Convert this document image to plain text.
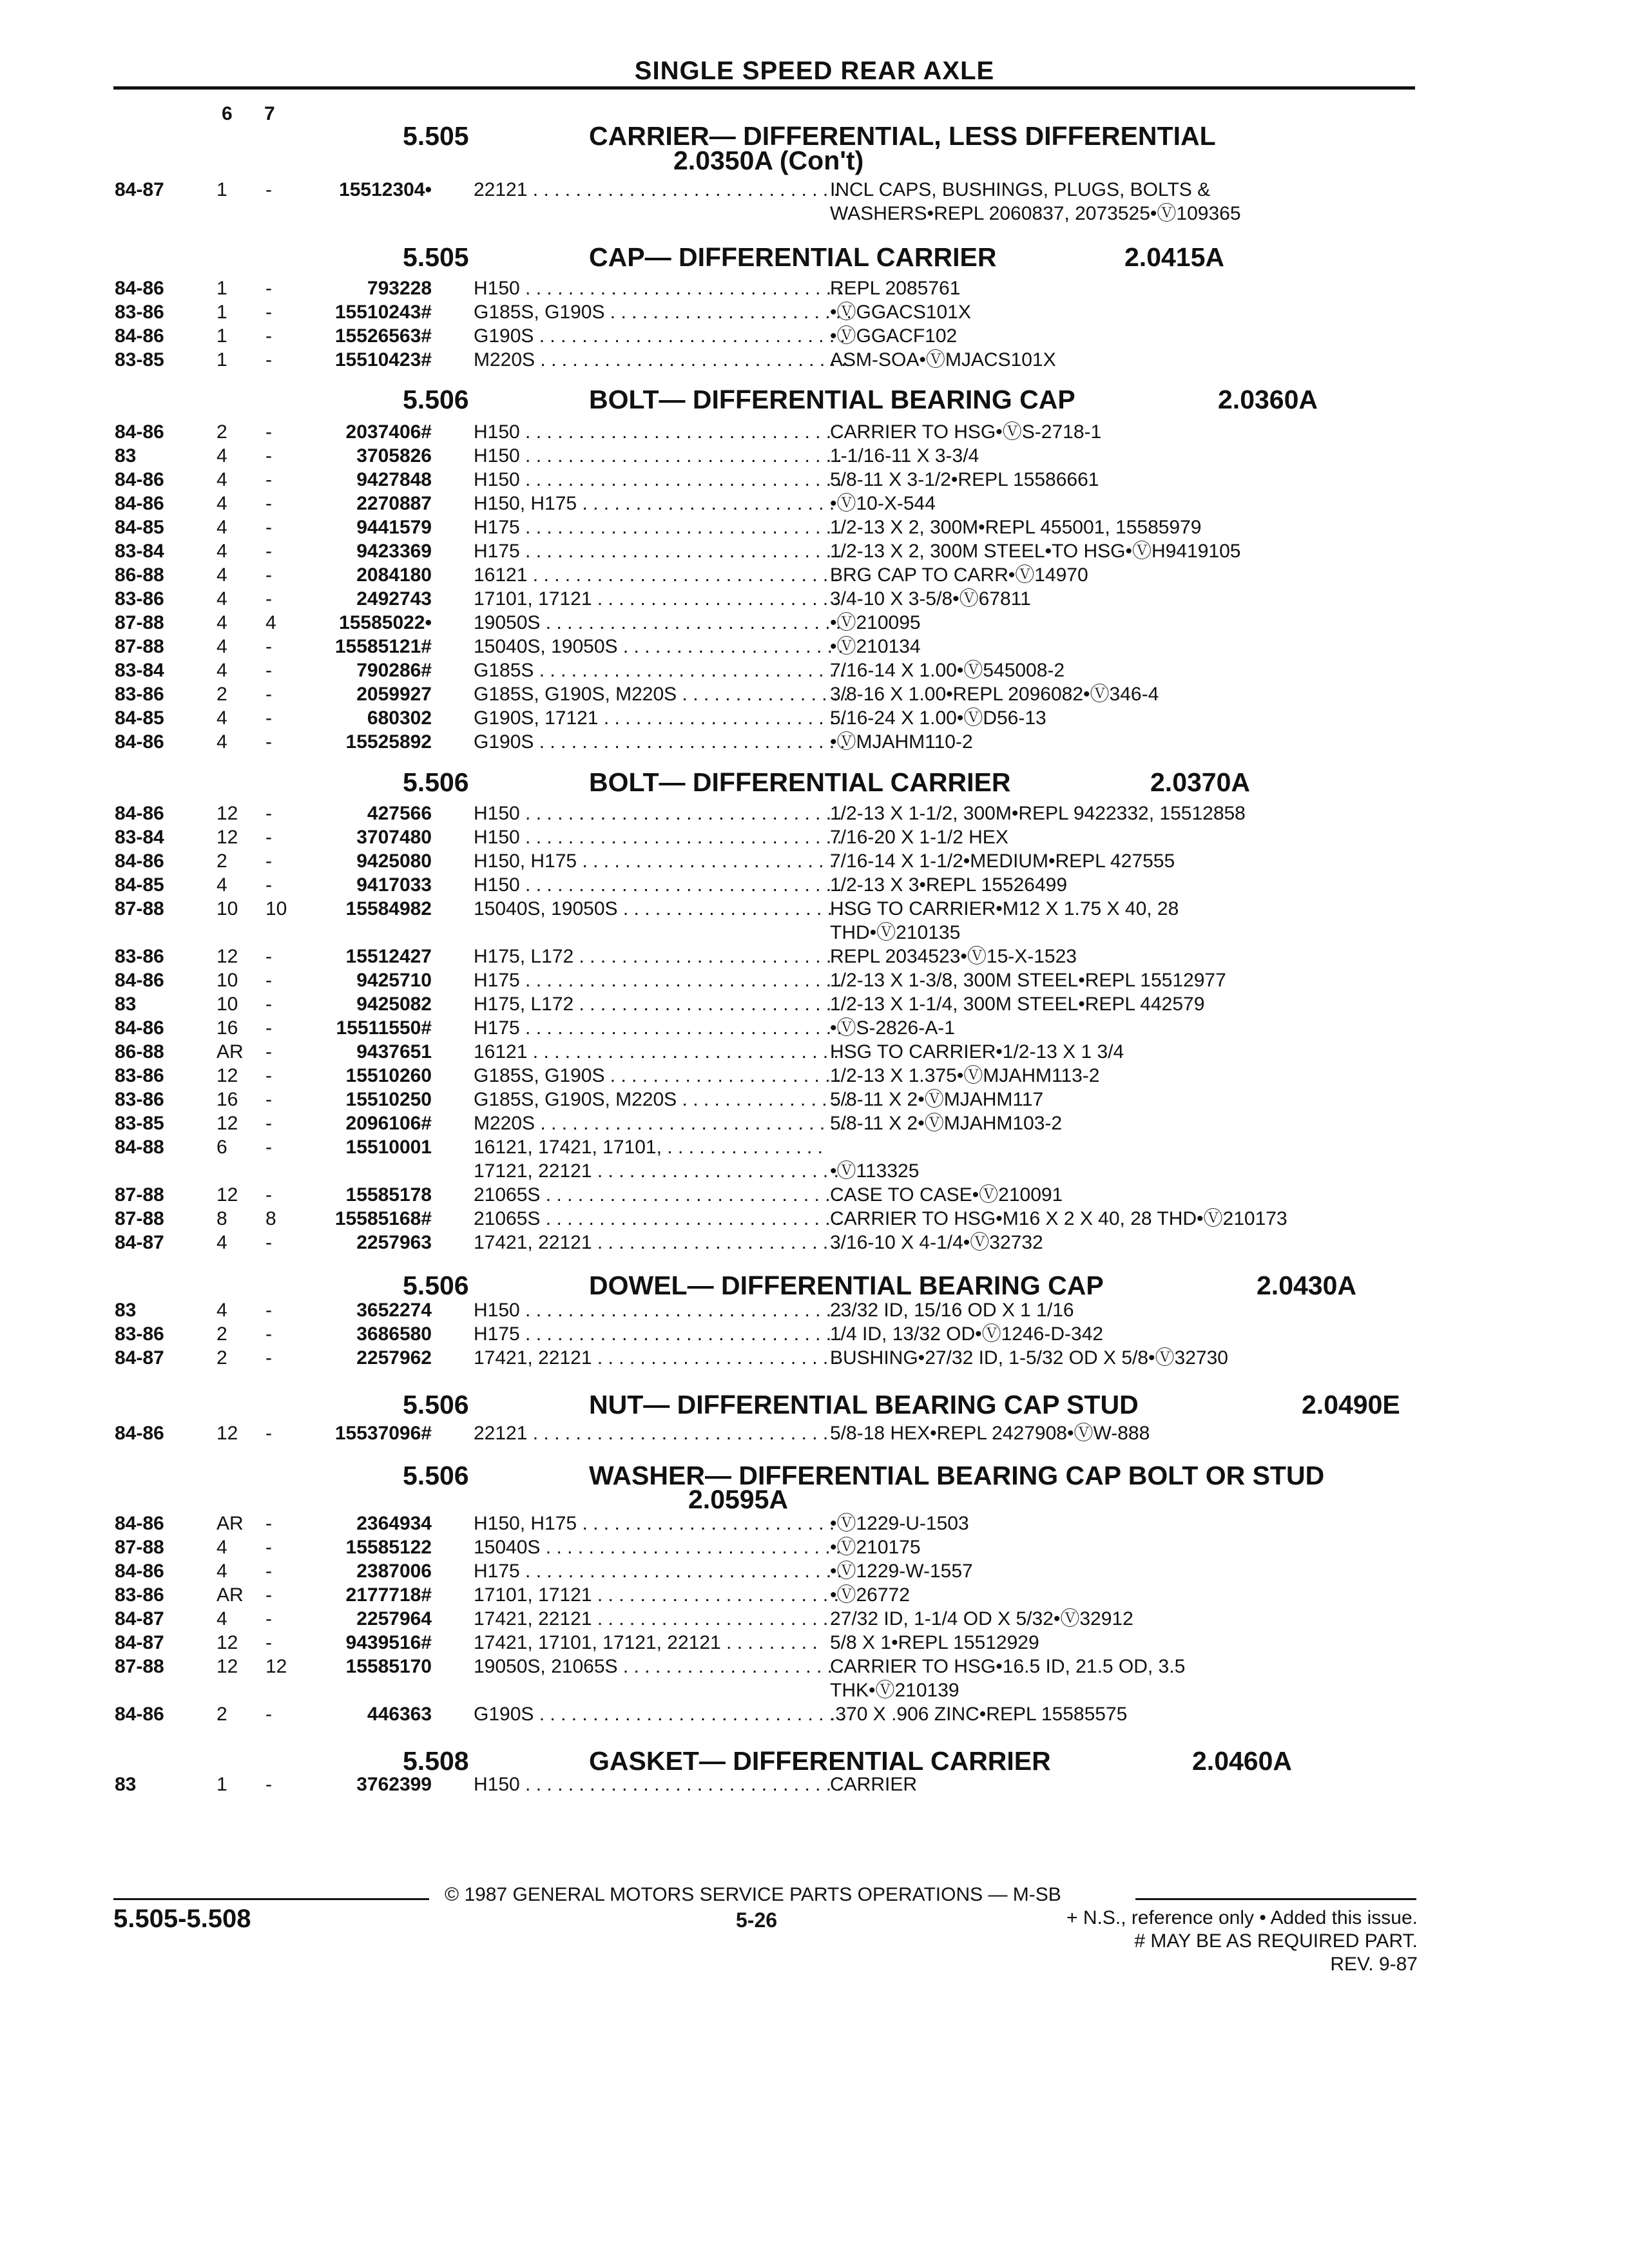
SINGLE SPEED REAR AXLE
6 7
5.505	CARRIER— DIFFERENTIAL, LESS DIFFERENTIAL
2.0350A (Con't)
84-87	1 -	15512304• 22121 . . . . . . . . . . . . . . . . . . . . . . . . . . . . .
INCL CAPS, BUSHINGS, PLUGS, BOLTS &
WASHERS•REPL 2060837, 2073525•Ⓥ109365
5.505	CAP— DIFFERENTIAL CARRIER	2.0415A
84-86	1 -	793228 H150 . . . . . . . . . . . . . . . . . . . . . . . . . . . . . .
REPL 2085761
83-86	1 -	15510243# G185S, G190S . . . . . . . . . . . . . . . . . . . . . . .
•ⓋGGACS101X
84-86	1 -	15526563# G190S . . . . . . . . . . . . . . . . . . . . . . . . . . . . .
•ⓋGGACF102
83-85	1 -	15510423# M220S . . . . . . . . . . . . . . . . . . . . . . . . . . . . .
ASM-SOA•ⓋMJACS101X
5.506	BOLT— DIFFERENTIAL BEARING CAP	2.0360A
84-86	2 -	2037406# H150 . . . . . . . . . . . . . . . . . . . . . . . . . . . . . .
CARRIER TO HSG•ⓋS-2718-1
83	4 -	3705826 H150 . . . . . . . . . . . . . . . . . . . . . . . . . . . . . .
1-1/16-11 X 3-3/4
84-86	4 -	9427848 H150 . . . . . . . . . . . . . . . . . . . . . . . . . . . . . .
5/8-11 X 3-1/2•REPL 15586661
84-86	4 -	2270887 H150, H175 . . . . . . . . . . . . . . . . . . . . . . . .
•Ⓥ10-X-544
84-85	4 -	9441579 H175 . . . . . . . . . . . . . . . . . . . . . . . . . . . . . .
1/2-13 X 2, 300M•REPL 455001, 15585979
83-84	4 -	9423369 H175 . . . . . . . . . . . . . . . . . . . . . . . . . . . . . .
1/2-13 X 2, 300M STEEL•TO HSG•ⓋH9419105
86-88	4 -	2084180 16121 . . . . . . . . . . . . . . . . . . . . . . . . . . . . .
BRG CAP TO CARR•Ⓥ14970
83-86	4 -	2492743 17101, 17121 . . . . . . . . . . . . . . . . . . . . . . .
3/4-10 X 3-5/8•Ⓥ67811
87-88	4 4	15585022• 19050S . . . . . . . . . . . . . . . . . . . . . . . . . . . .
•Ⓥ210095
87-88	4 -	15585121# 15040S, 19050S . . . . . . . . . . . . . . . . . . . . .
•Ⓥ210134
83-84	4 -	790286# G185S . . . . . . . . . . . . . . . . . . . . . . . . . . . . .
7/16-14 X 1.00•Ⓥ545008-2
83-86	2 -	2059927 G185S, G190S, M220S . . . . . . . . . . . . . . . .
3/8-16 X 1.00•REPL 2096082•Ⓥ346-4
84-85	4 -	680302 G190S, 17121 . . . . . . . . . . . . . . . . . . . . . . .
5/16-24 X 1.00•ⓋD56-13
84-86	4 -	15525892 G190S . . . . . . . . . . . . . . . . . . . . . . . . . . . . .
•ⓋMJAHM110-2
5.506	BOLT— DIFFERENTIAL CARRIER	2.0370A
84-86	12 -	427566 H150 . . . . . . . . . . . . . . . . . . . . . . . . . . . . . .
1/2-13 X 1-1/2, 300M•REPL 9422332, 15512858
83-84	12 -	3707480 H150 . . . . . . . . . . . . . . . . . . . . . . . . . . . . . .
7/16-20 X 1-1/2 HEX
84-86	2 -	9425080 H150, H175 . . . . . . . . . . . . . . . . . . . . . . . .
7/16-14 X 1-1/2•MEDIUM•REPL 427555
84-85	4 -	9417033 H150 . . . . . . . . . . . . . . . . . . . . . . . . . . . . . .
1/2-13 X 3•REPL 15526499
87-88	10 10	15584982 15040S, 19050S . . . . . . . . . . . . . . . . . . . . .
HSG TO CARRIER•M12 X 1.75 X 40, 28
THD•Ⓥ210135
83-86	12 -	15512427 H175, L172 . . . . . . . . . . . . . . . . . . . . . . . .
REPL 2034523•Ⓥ15-X-1523
84-86	10 -	9425710 H175 . . . . . . . . . . . . . . . . . . . . . . . . . . . . . .
1/2-13 X 1-3/8, 300M STEEL•REPL 15512977
83	10 -	9425082 H175, L172 . . . . . . . . . . . . . . . . . . . . . . . .
1/2-13 X 1-1/4, 300M STEEL•REPL 442579
84-86	16 -	15511550# H175 . . . . . . . . . . . . . . . . . . . . . . . . . . . . . .
•ⓋS-2826-A-1
86-88	AR -	9437651 16121 . . . . . . . . . . . . . . . . . . . . . . . . . . . . .
HSG TO CARRIER•1/2-13 X 1 3/4
83-86	12 -	15510260 G185S, G190S . . . . . . . . . . . . . . . . . . . . . . .
1/2-13 X 1.375•ⓋMJAHM113-2
83-86	16 -	15510250 G185S, G190S, M220S . . . . . . . . . . . . . . . .
5/8-11 X 2•ⓋMJAHM117
83-85	12 -	2096106# M220S . . . . . . . . . . . . . . . . . . . . . . . . . . . . .
5/8-11 X 2•ⓋMJAHM103-2
84-88	6 -	15510001 16121, 17421, 17101, . . . . . . . . . . . . . . .
17121, 22121 . . . . . . . . . . . . . . . . . . . . . . .
•Ⓥ113325
87-88	12 -	15585178 21065S . . . . . . . . . . . . . . . . . . . . . . . . . . . .
CASE TO CASE•Ⓥ210091
87-88	8 8	15585168# 21065S . . . . . . . . . . . . . . . . . . . . . . . . . . . .
CARRIER TO HSG•M16 X 2 X 40, 28 THD•Ⓥ210173
84-87	4 -	2257963 17421, 22121 . . . . . . . . . . . . . . . . . . . . . . .
3/16-10 X 4-1/4•Ⓥ32732
5.506	DOWEL— DIFFERENTIAL BEARING CAP	2.0430A
83	4 -	3652274 H150 . . . . . . . . . . . . . . . . . . . . . . . . . . . . . .
23/32 ID, 15/16 OD X 1 1/16
83-86	2 -	3686580 H175 . . . . . . . . . . . . . . . . . . . . . . . . . . . . . .
1/4 ID, 13/32 OD•Ⓥ1246-D-342
84-87	2 -	2257962 17421, 22121 . . . . . . . . . . . . . . . . . . . . . . .
BUSHING•27/32 ID, 1-5/32 OD X 5/8•Ⓥ32730
5.506	NUT— DIFFERENTIAL BEARING CAP STUD	2.0490E
84-86	12 -	15537096# 22121 . . . . . . . . . . . . . . . . . . . . . . . . . . . . .
5/8-18 HEX•REPL 2427908•ⓋW-888
5.506	WASHER— DIFFERENTIAL BEARING CAP BOLT OR STUD
2.0595A
84-86	AR -	2364934 H150, H175 . . . . . . . . . . . . . . . . . . . . . . . .
•Ⓥ1229-U-1503
87-88	4 -	15585122 15040S . . . . . . . . . . . . . . . . . . . . . . . . . . . .
•Ⓥ210175
84-86	4 -	2387006 H175 . . . . . . . . . . . . . . . . . . . . . . . . . . . . . .
•Ⓥ1229-W-1557
83-86	AR -	2177718# 17101, 17121 . . . . . . . . . . . . . . . . . . . . . . .
•Ⓥ26772
84-87	4 -	2257964 17421, 22121 . . . . . . . . . . . . . . . . . . . . . . .
27/32 ID, 1-1/4 OD X 5/32•Ⓥ32912
84-87	12 -	9439516# 17421, 17101, 17121, 22121 . . . . . . . . . 5/8 X 1•REPL 15512929
87-88	12 12	15585170 19050S, 21065S . . . . . . . . . . . . . . . . . . . . .
CARRIER TO HSG•16.5 ID, 21.5 OD, 3.5
THK•Ⓥ210139
84-86	2 -	446363 G190S . . . . . . . . . . . . . . . . . . . . . . . . . . . . .
.370 X .906 ZINC•REPL 15585575
5.508	GASKET— DIFFERENTIAL CARRIER	2.0460A
83	1 -	3762399 H150 . . . . . . . . . . . . . . . . . . . . . . . . . . . . . .
CARRIER
© 1987 GENERAL MOTORS SERVICE PARTS OPERATIONS — M-SB
5.505-5.508	5-26	+ N.S., reference only • Added this issue.
# MAY BE AS REQUIRED PART.
REV. 9-87
